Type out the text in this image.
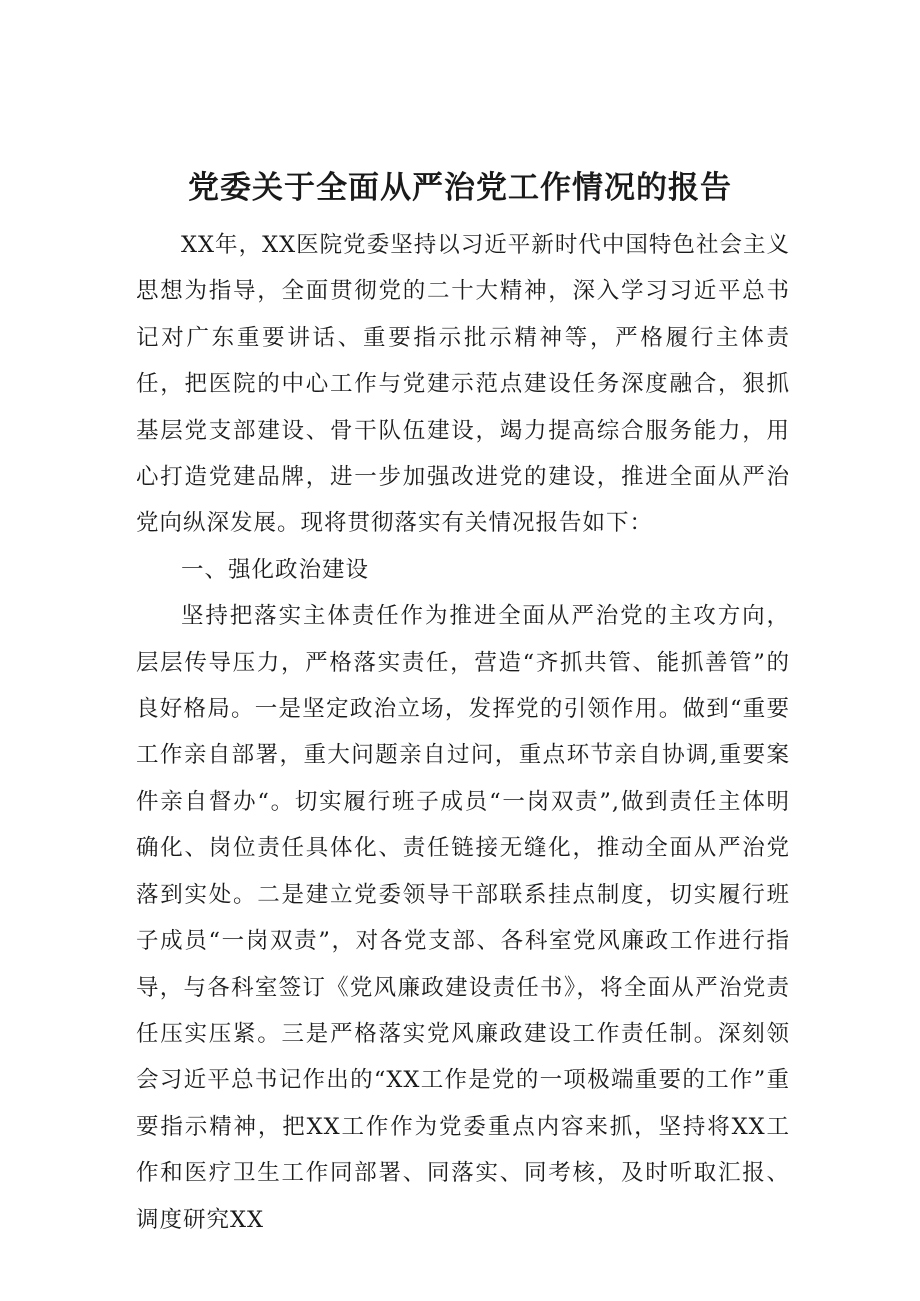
党委关于全面从严治党工作情况的报告

XX年，XX医院党委坚持以习近平新时代中国特色社会主义思想为指导，全面贯彻党的二十大精神，深入学习习近平总书记对广东重要讲话、重要指示批示精神等，严格履行主体责任，把医院的中心工作与党建示范点建设任务深度融合，狠抓基层党支部建设、骨干队伍建设，竭力提高综合服务能力，用心打造党建品牌，进一步加强改进党的建设，推进全面从严治党向纵深发展。现将贯彻落实有关情况报告如下：

一、强化政治建设

坚持把落实主体责任作为推进全面从严治党的主攻方向，层层传导压力，严格落实责任，营造“齐抓共管、能抓善管”的良好格局。一是坚定政治立场，发挥党的引领作用。做到“重要工作亲自部署，重大问题亲自过问，重点环节亲自协调,重要案件亲自督办“。切实履行班子成员“一岗双责”,做到责任主体明确化、岗位责任具体化、责任链接无缝化，推动全面从严治党落到实处。二是建立党委领导干部联系挂点制度，切实履行班子成员“一岗双责”，对各党支部、各科室党风廉政工作进行指导，与各科室签订《党风廉政建设责任书》，将全面从严治党责任压实压紧。三是严格落实党风廉政建设工作责任制。深刻领会习近平总书记作出的“XX工作是党的一项极端重要的工作”重要指示精神，把XX工作作为党委重点内容来抓，坚持将XX工作和医疗卫生工作同部署、同落实、同考核，及时听取汇报、调度研究XX
